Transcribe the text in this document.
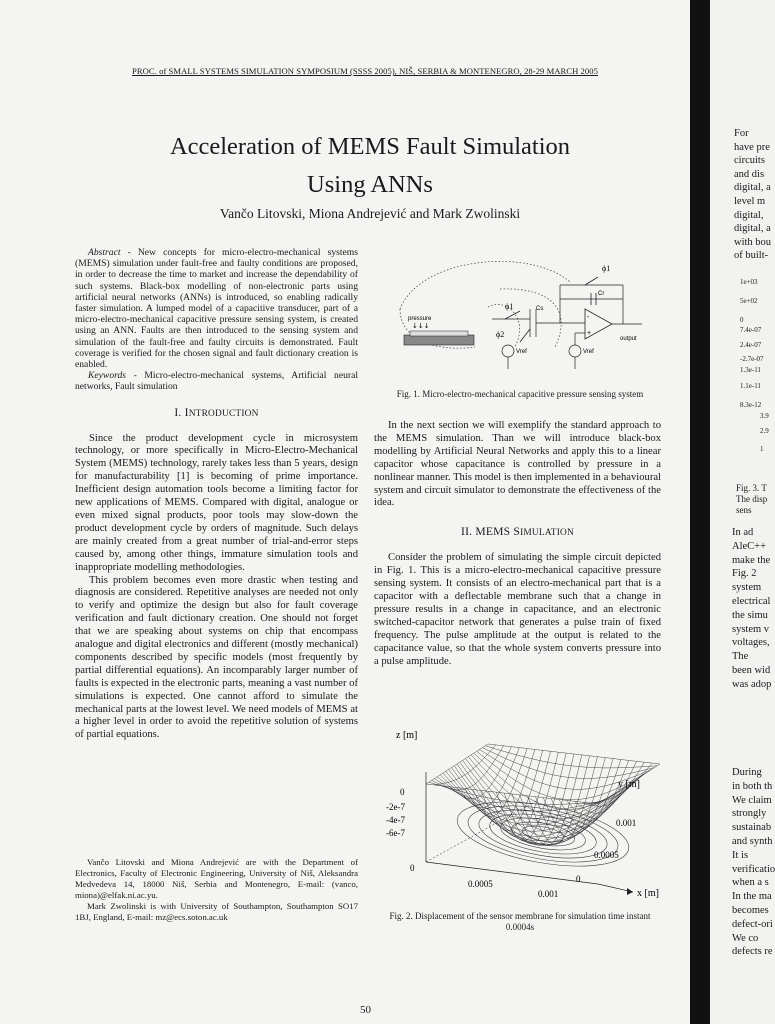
PROC. of SMALL SYSTEMS SIMULATION SYMPOSIUM (SSSS 2005), NIŠ, SERBIA & MONTENEGRO, 28-29 MARCH 2005
Acceleration of MEMS Fault Simulation
Using ANNs
Vančo Litovski, Miona Andrejević and Mark Zwolinski

Abstract - New concepts for micro-electro-mechanical systems (MEMS) simulation under fault-free and faulty conditions are proposed, in order to decrease the time to market and increase the dependability of such systems. Black-box modelling of non-electronic parts using artificial neural networks (ANNs) is introduced, so enabling radically faster simulation. A lumped model of a capacitive transducer, part of a micro-electro-mechanical capacitive pressure sensing system, is created using an ANN. Faults are then introduced to the sensing system and simulation of the fault-free and faulty circuits is demonstrated. Fault coverage is verified for the chosen signal and fault dictionary creation is enabled.

Keywords - Micro-electro-mechanical systems, Artificial neural networks, Fault simulation

I. INTRODUCTION

Since the product development cycle in microsystem technology, or more specifically in Micro-Electro-Mechanical System (MEMS) technology, rarely takes less than 5 years, design for manufacturability [1] is becoming of prime importance. Inefficient design automation tools become a limiting factor for new applications of MEMS. Compared with digital, analogue or even mixed signal products, poor tools may slow-down the product development cycle by orders of magnitude. Such delays are mainly created from a great number of trial-and-error steps caused by, among other things, immature simulation tools and inappropriate modelling methodologies.

This problem becomes even more drastic when testing and diagnosis are considered. Repetitive analyses are needed not only to verify and optimize the design but also for fault coverage verification and fault dictionary creation. One should not forget that we are speaking about systems on chip that encompass analogue and digital electronics and different (mostly mechanical) components described by specific models (most frequently by partial differential equations). An incomparably larger number of faults is expected in the electronic parts, meaning a vast number of simulations is expected. One cannot afford to simulate the mechanical parts at the lowest level. We need models of MEMS at a higher level in order to avoid the repetitive solution of systems of partial equations.

Vančo Litovski and Miona Andrejević are with the Department of Electronics, Faculty of Electronic Engineering, University of Niš, Aleksandra Medvedeva 14, 18000 Niš, Serbia and Montenegro, E-mail: (vanco, miona)@elfak.ni.ac.yu.

Mark Zwolinski is with University of Southampton, Southampton SO17 1BJ, England, E-mail: mz@ecs.soton.ac.uk

pressure
↓↓↓
Cs
ϕ1
ϕ2
Vref
-
+
Vref
output
Cr
ϕ1
Fig. 1. Micro-electro-mechanical capacitive pressure sensing system

In the next section we will exemplify the standard approach to the MEMS simulation. Than we will introduce black-box modelling by Artificial Neural Networks and apply this to a linear capacitor whose capacitance is controlled by pressure in a nonlinear manner. This model is then implemented in a behavioural system and circuit simulator to demonstrate the effectiveness of the idea.

II. MEMS SIMULATION

Consider the problem of simulating the simple circuit depicted in Fig. 1. This is a micro-electro-mechanical capacitive pressure sensing system. It consists of an electro-mechanical part that is a capacitor with a deflectable membrane such that a change in pressure results in a change in capacitance, and an electronic switched-capacitor network that generates a pulse train of fixed frequency. The pulse amplitude at the output is related to the capacitance value, so that the whole system converts pressure into a pulse amplitude.

z [m]
y [m]
x [m]
0
-2e-7
-4e-7
-6e-7
0.001
0.0005
0
0.0005
0.001
0
Fig. 2. Displacement of the sensor membrane for simulation time instant 0.0004s
50
For
have pre
circuits
and dis
digital, a
level m
digital,
digital, a
with bou
of built-
1e+03
5e+02
0
7.4e-07
2.4e-07
-2.7e-07
1.3e-11
1.1e-11
8.3e-12
3.9
2.9
1
Fig. 3. T
The disp
sens
In ad
AleC++
make the
Fig. 2
system
electrical
the simu
system v
voltages,
The
been wid
was adop
During
in both th
We claim
strongly
sustainab
and synth
It is
verificatio
when a s
In the ma
becomes
defect-ori
We co
defects re
